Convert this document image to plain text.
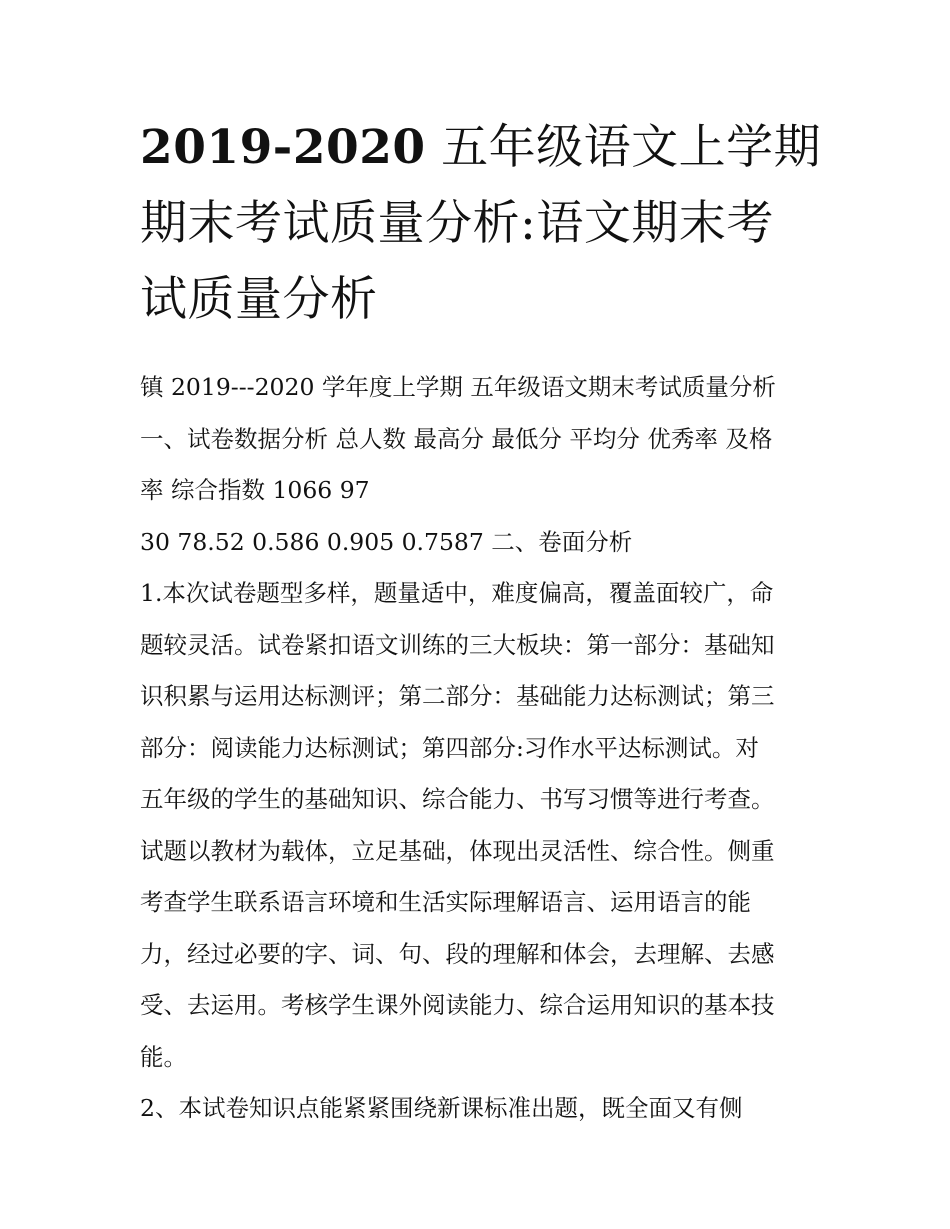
2019-2020 五年级语文上学期
期末考试质量分析:语文期末考
试质量分析
镇 2019---2020 学年度上学期 五年级语文期末考试质量分析
一、试卷数据分析 总人数 最高分 最低分 平均分 优秀率 及格
率 综合指数 1066 97
30 78.52 0.586 0.905 0.7587 二、卷面分析
1.本次试卷题型多样，题量适中，难度偏高，覆盖面较广，命
题较灵活。试卷紧扣语文训练的三大板块：第一部分：基础知
识积累与运用达标测评；第二部分：基础能力达标测试；第三
部分：阅读能力达标测试；第四部分:习作水平达标测试。对
五年级的学生的基础知识、综合能力、书写习惯等进行考查。
试题以教材为载体，立足基础，体现出灵活性、综合性。侧重
考查学生联系语言环境和生活实际理解语言、运用语言的能
力，经过必要的字、词、句、段的理解和体会，去理解、去感
受、去运用。考核学生课外阅读能力、综合运用知识的基本技
能。
2、本试卷知识点能紧紧围绕新课标准出题，既全面又有侧
